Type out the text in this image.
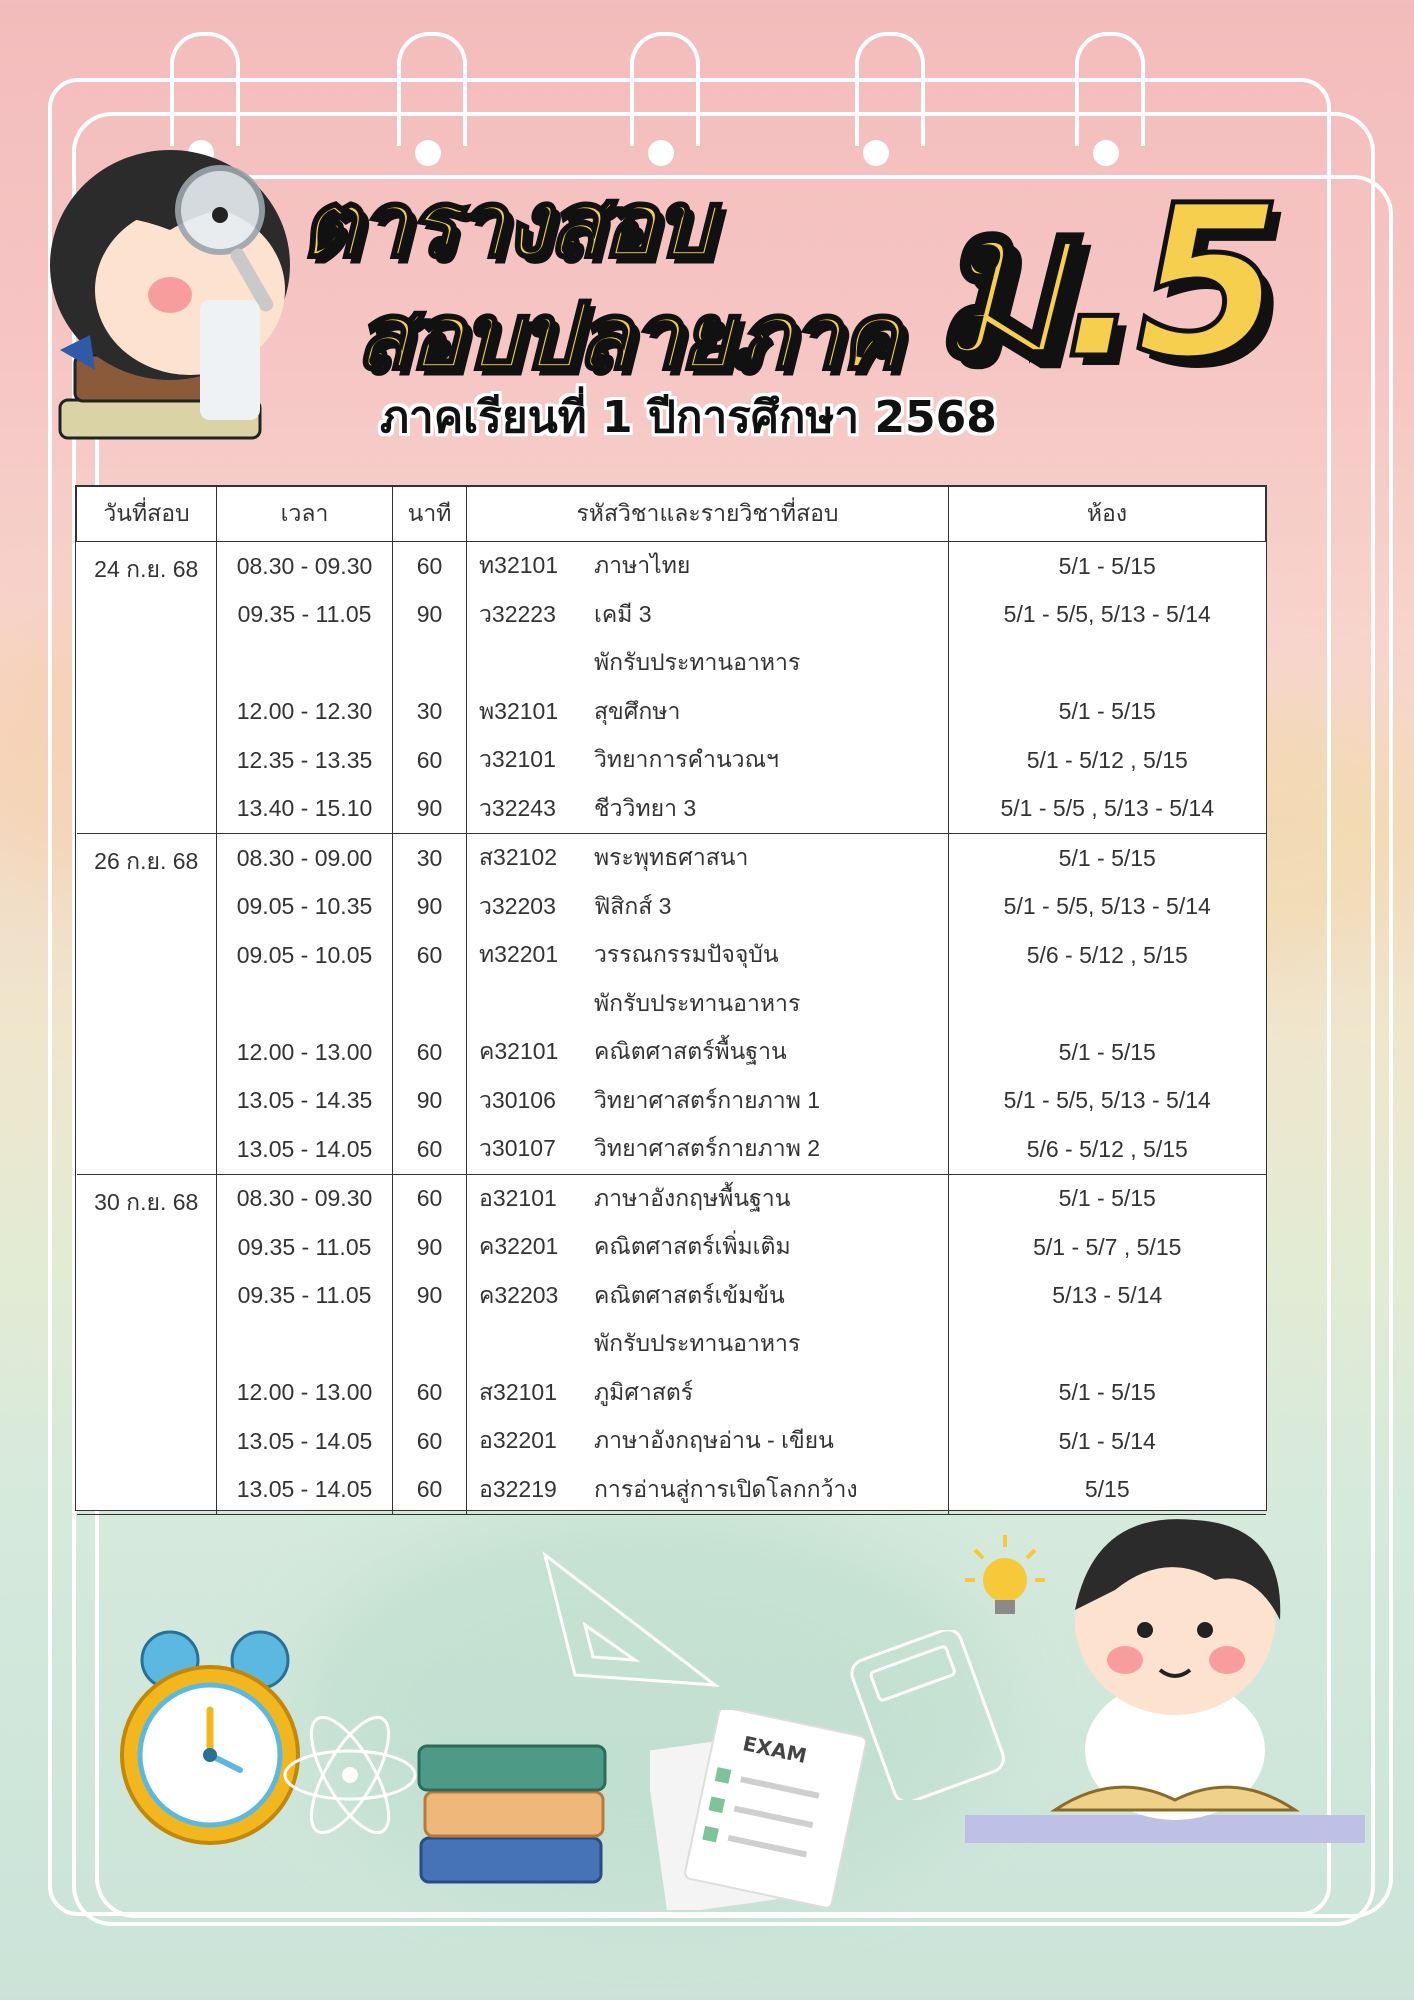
ตารางสอบ
สอบปลายภาค ม.5
ภาคเรียนที่ 1 ปีการศึกษา 2568
วันที่สอบ	เวลา	นาที	รหัสวิชาและรายวิชาที่สอบ	ห้อง
24 ก.ย. 68	08.30 - 09.30	60	ท32101 ภาษาไทย	5/1 - 5/15
	09.35 - 11.05	90	ว32223 เคมี 3	5/1 - 5/5, 5/13 - 5/14
			พักรับประทานอาหาร	
	12.00 - 12.30	30	พ32101 สุขศึกษา	5/1 - 5/15
	12.35 - 13.35	60	ว32101 วิทยาการคำนวณฯ	5/1 - 5/12 , 5/15
	13.40 - 15.10	90	ว32243 ชีววิทยา 3	5/1 - 5/5 , 5/13 - 5/14
26 ก.ย. 68	08.30 - 09.00	30	ส32102 พระพุทธศาสนา	5/1 - 5/15
	09.05 - 10.35	90	ว32203 ฟิสิกส์ 3	5/1 - 5/5, 5/13 - 5/14
	09.05 - 10.05	60	ท32201 วรรณกรรมปัจจุบัน	5/6 - 5/12 , 5/15
			พักรับประทานอาหาร	
	12.00 - 13.00	60	ค32101 คณิตศาสตร์พื้นฐาน	5/1 - 5/15
	13.05 - 14.35	90	ว30106 วิทยาศาสตร์กายภาพ 1	5/1 - 5/5, 5/13 - 5/14
	13.05 - 14.05	60	ว30107 วิทยาศาสตร์กายภาพ 2	5/6 - 5/12 , 5/15
30 ก.ย. 68	08.30 - 09.30	60	อ32101 ภาษาอังกฤษพื้นฐาน	5/1 - 5/15
	09.35 - 11.05	90	ค32201 คณิตศาสตร์เพิ่มเติม	5/1 - 5/7 , 5/15
	09.35 - 11.05	90	ค32203 คณิตศาสตร์เข้มข้น	5/13 - 5/14
			พักรับประทานอาหาร	
	12.00 - 13.00	60	ส32101 ภูมิศาสตร์	5/1 - 5/15
	13.05 - 14.05	60	อ32201 ภาษาอังกฤษอ่าน - เขียน	5/1 - 5/14
	13.05 - 14.05	60	อ32219 การอ่านสู่การเปิดโลกกว้าง	5/15
EXAM
